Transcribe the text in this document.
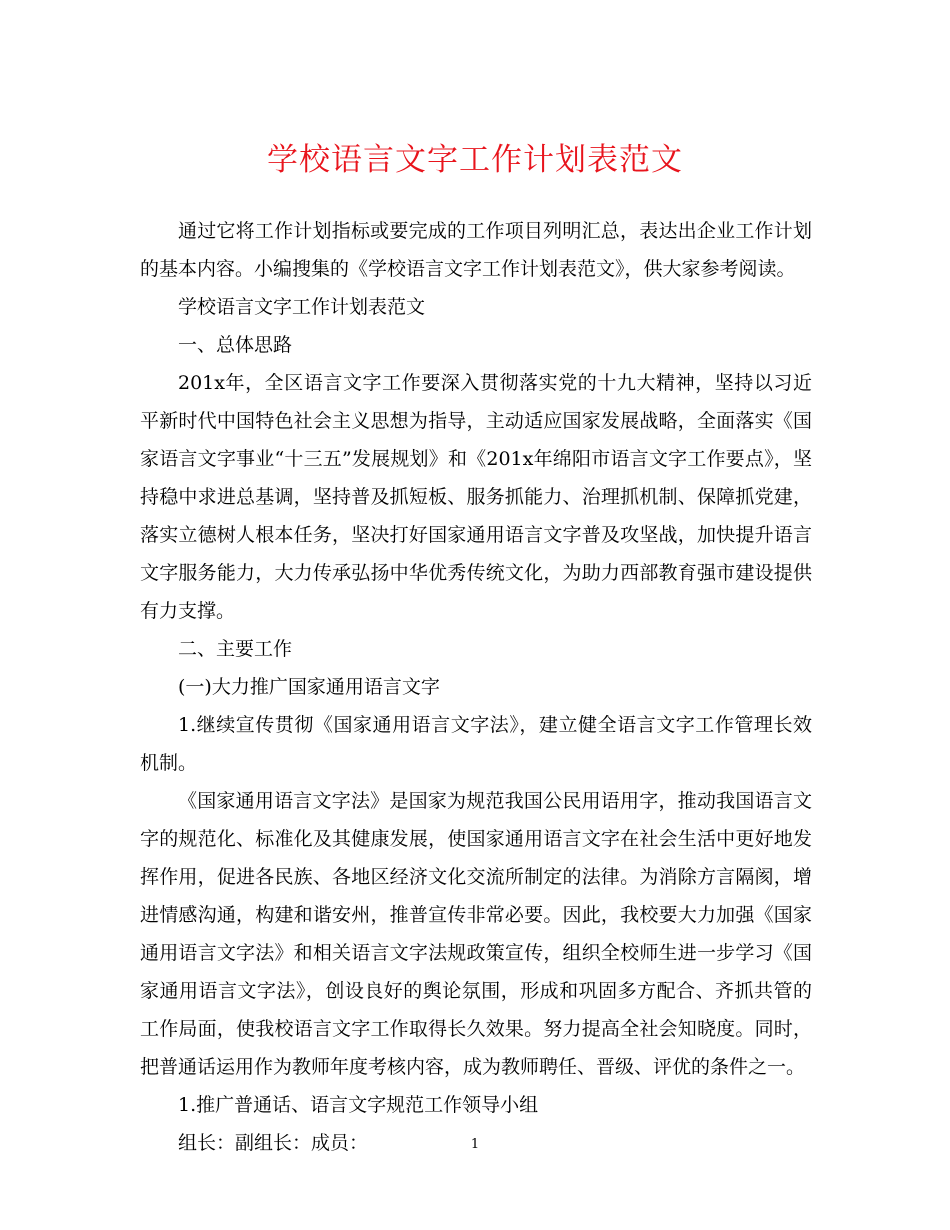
学校语言文字工作计划表范文

通过它将工作计划指标或要完成的工作项目列明汇总，表达出企业工作计划的基本内容。小编搜集的《学校语言文字工作计划表范文》，供大家参考阅读。

学校语言文字工作计划表范文

一、总体思路

201x年，全区语言文字工作要深入贯彻落实党的十九大精神，坚持以习近平新时代中国特色社会主义思想为指导，主动适应国家发展战略，全面落实《国家语言文字事业“十三五”发展规划》和《201x年绵阳市语言文字工作要点》，坚持稳中求进总基调，坚持普及抓短板、服务抓能力、治理抓机制、保障抓党建，落实立德树人根本任务，坚决打好国家通用语言文字普及攻坚战，加快提升语言文字服务能力，大力传承弘扬中华优秀传统文化，为助力西部教育强市建设提供有力支撑。

二、主要工作

(一)大力推广国家通用语言文字

1.继续宣传贯彻《国家通用语言文字法》，建立健全语言文字工作管理长效机制。

《国家通用语言文字法》是国家为规范我国公民用语用字，推动我国语言文字的规范化、标准化及其健康发展，使国家通用语言文字在社会生活中更好地发挥作用，促进各民族、各地区经济文化交流所制定的法律。为消除方言隔阂，增进情感沟通，构建和谐安州，推普宣传非常必要。因此，我校要大力加强《国家通用语言文字法》和相关语言文字法规政策宣传，组织全校师生进一步学习《国家通用语言文字法》，创设良好的舆论氛围，形成和巩固多方配合、齐抓共管的工作局面，使我校语言文字工作取得长久效果。努力提高全社会知晓度。同时，把普通话运用作为教师年度考核内容，成为教师聘任、晋级、评优的条件之一。

1.推广普通话、语言文字规范工作领导小组

组长：副组长：成员：	1
